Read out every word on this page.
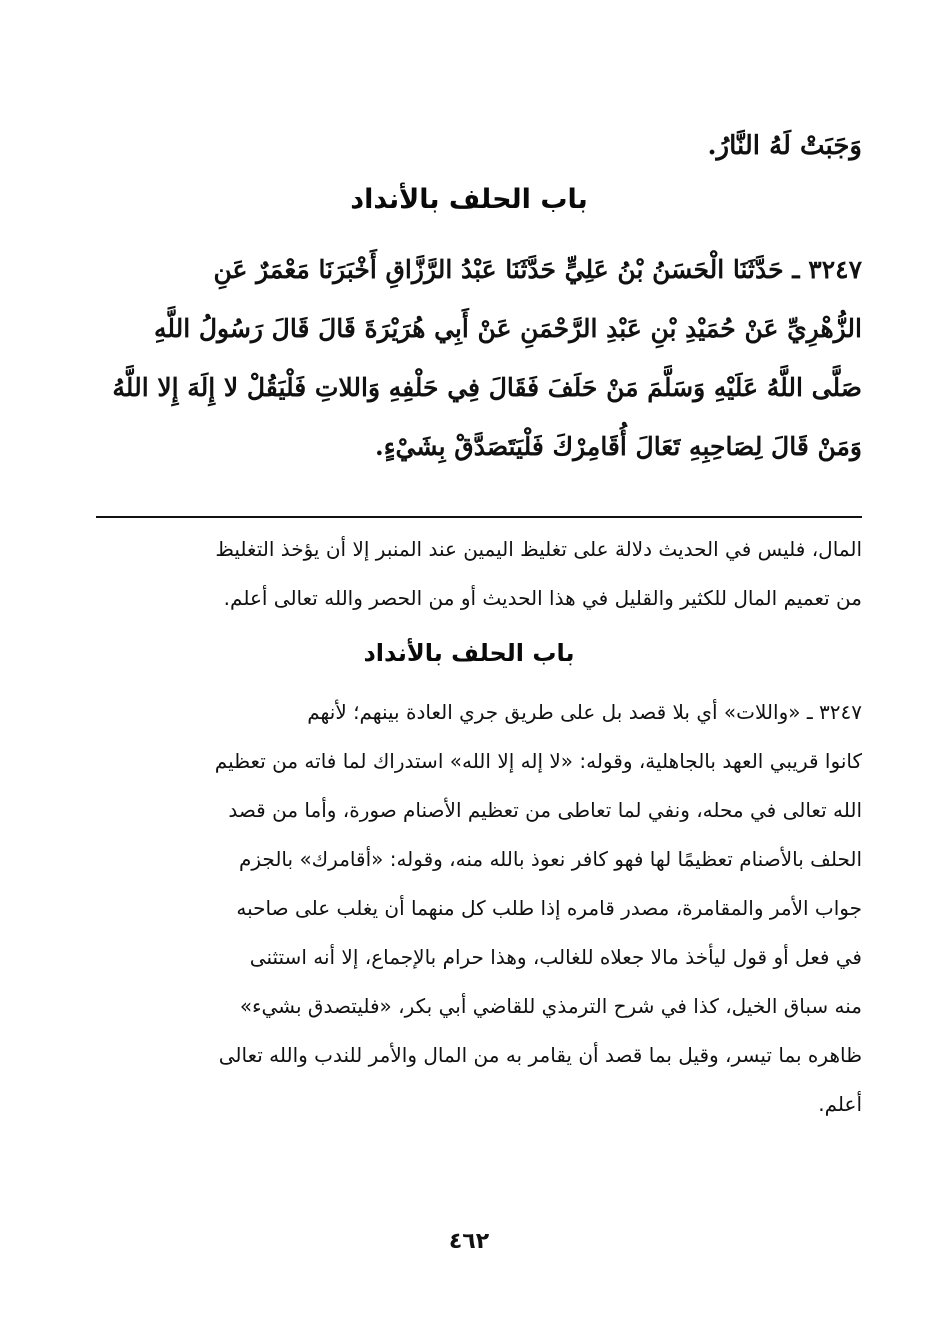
وَجَبَتْ لَهُ النَّارُ.
باب الحلف بالأنداد
٣٢٤٧ ـ حَدَّثَنَا الْحَسَنُ بْنُ عَلِيٍّ حَدَّثَنَا عَبْدُ الرَّزَّاقِ أَخْبَرَنَا مَعْمَرٌ عَنِ
الزُّهْرِيِّ عَنْ حُمَيْدِ بْنِ عَبْدِ الرَّحْمَنِ عَنْ أَبِي هُرَيْرَةَ قَالَ قَالَ رَسُولُ اللَّهِ
صَلَّى اللَّهُ عَلَيْهِ وَسَلَّمَ مَنْ حَلَفَ فَقَالَ فِي حَلْفِهِ وَاللاتِ فَلْيَقُلْ لا إِلَهَ إِلا اللَّهُ
وَمَنْ قَالَ لِصَاحِبِهِ تَعَالَ أُقَامِرْكَ فَلْيَتَصَدَّقْ بِشَيْءٍ.
المال، فليس في الحديث دلالة على تغليظ اليمين عند المنبر إلا أن يؤخذ التغليظ
من تعميم المال للكثير والقليل في هذا الحديث أو من الحصر والله تعالى أعلم.
باب الحلف بالأنداد
٣٢٤٧ ـ «واللات» أي بلا قصد بل على طريق جري العادة بينهم؛ لأنهم
كانوا قريبي العهد بالجاهلية، وقوله: «لا إله إلا الله» استدراك لما فاته من تعظيم
الله تعالى في محله، ونفي لما تعاطى من تعظيم الأصنام صورة، وأما من قصد
الحلف بالأصنام تعظيمًا لها فهو كافر نعوذ بالله منه، وقوله: «أقامرك» بالجزم
جواب الأمر والمقامرة، مصدر قامره إذا طلب كل منهما أن يغلب على صاحبه
في فعل أو قول ليأخذ مالا جعلاه للغالب، وهذا حرام بالإجماع، إلا أنه استثنى
منه سباق الخيل، كذا في شرح الترمذي للقاضي أبي بكر، «فليتصدق بشيء»
ظاهره بما تيسر، وقيل بما قصد أن يقامر به من المال والأمر للندب والله تعالى
أعلم.
٤٦٢
